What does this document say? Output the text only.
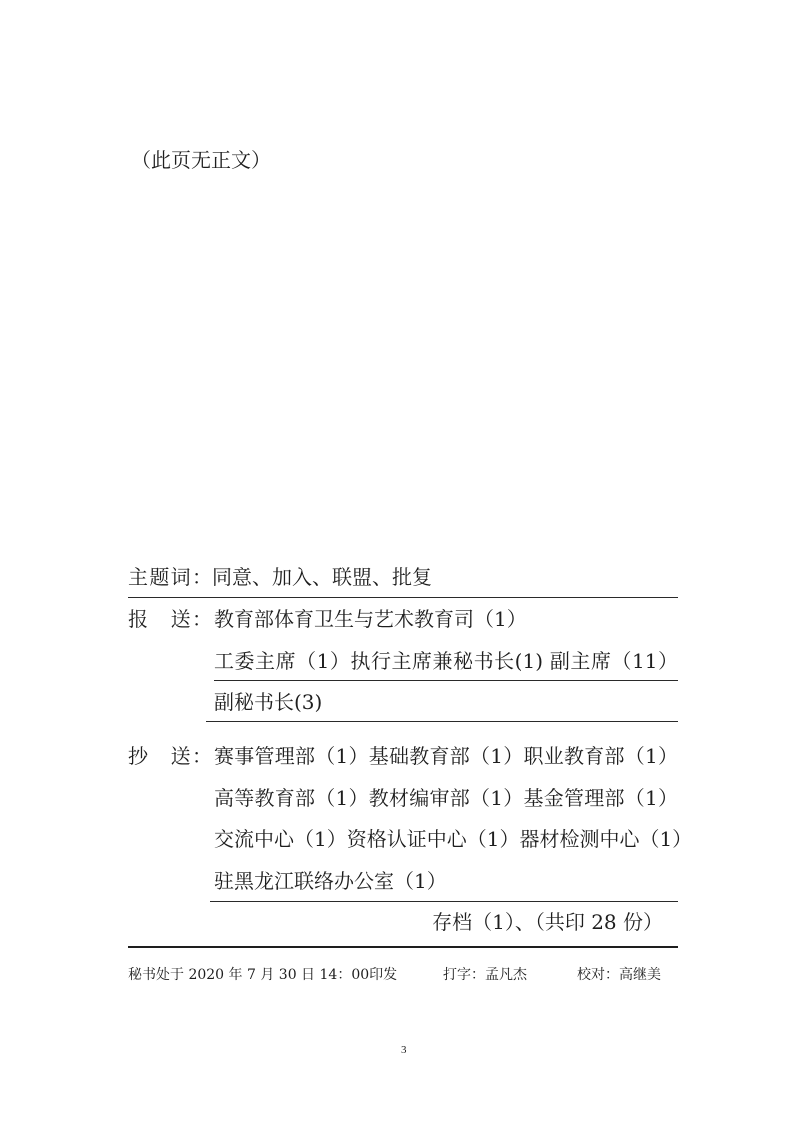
（此页无正文）
主题词： 同意、加入、联盟、批复
报　送： 教育部体育卫生与艺术教育司（1）
工委主席（1）执行主席兼秘书长(1) 副主席（11）
副秘书长(3)
抄　送： 赛事管理部（1）基础教育部（1）职业教育部（1）
高等教育部（1）教材编审部（1）基金管理部（1）
交流中心（1）资格认证中心（1）器材检测中心（1）
驻黑龙江联络办公室（1）
存档（1）、（共印 28 份）
秘书处于 2020 年 7 月 30 日 14：00印发	打字：孟凡杰	校对：高继美
3
